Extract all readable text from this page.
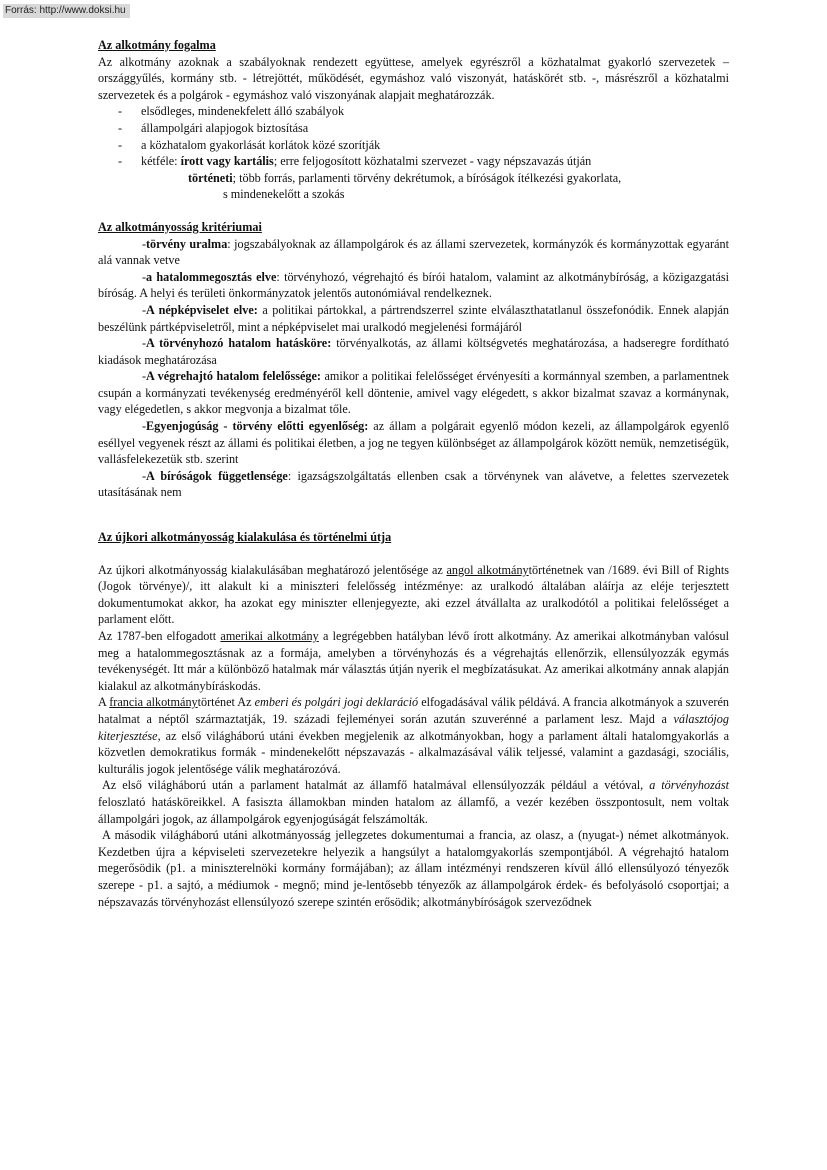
Forrás: http://www.doksi.hu
Az alkotmány fogalma

Az alkotmány azoknak a szabályoknak rendezett együttese, amelyek egyrészről a közhatalmat gyakorló szervezetek – országgyűlés, kormány stb. - létrejöttét, működését, egymáshoz való viszonyát, hatáskörét stb. -, másrészről a közhatalmi szervezetek és a polgárok - egymáshoz való viszonyának alapjait meghatározzák.

-	elsődleges, mindenekfelett álló szabályok
-	állampolgári alapjogok biztosítása
-	a közhatalom gyakorlását korlátok közé szorítják
-	kétféle: írott vagy kartális; erre feljogosított közhatalmi szervezet - vagy népszavazás útján
történeti; több forrás, parlamenti törvény dekrétumok, a bíróságok ítélkezési gyakorlata,
s mindenekelőtt a szokás
Az alkotmányosság kritériumai

-törvény uralma: jogszabályoknak az állampolgárok és az állami szervezetek, kormányzók és kormányzottak egyaránt alá vannak vetve

-a hatalommegosztás elve: törvényhozó, végrehajtó és bírói hatalom, valamint az alkotmánybíróság, a közigazgatási bíróság. A helyi és területi önkormányzatok jelentős autonómiával rendelkeznek.

-A népképviselet elve: a politikai pártokkal, a pártrendszerrel szinte elválaszthatatlanul összefonódik. Ennek alapján beszélünk pártképviseletről, mint a népképviselet mai uralkodó megjelenési formájáról

-A törvényhozó hatalom hatásköre: törvényalkotás, az állami költségvetés meghatározása, a hadseregre fordítható kiadások meghatározása

-A végrehajtó hatalom felelőssége: amikor a politikai felelősséget érvényesíti a kormánnyal szemben, a parlamentnek csupán a kormányzati tevékenység eredményéről kell döntenie, amivel vagy elégedett, s akkor bizalmat szavaz a kormánynak, vagy elégedetlen, s akkor megvonja a bizalmat tőle.

-Egyenjogúság - törvény előtti egyenlőség: az állam a polgárait egyenlő módon kezeli, az állampolgárok egyenlő eséllyel vegyenek részt az állami és politikai életben, a jog ne tegyen különbséget az állampolgárok között nemük, nemzetiségük, vallásfelekezetük stb. szerint

-A bíróságok függetlensége: igazságszolgáltatás ellenben csak a törvénynek van alávetve, a felettes szervezetek utasításának nem

Az újkori alkotmányosság kialakulása és történelmi útja

Az újkori alkotmányosság kialakulásában meghatározó jelentősége az angol alkotmánytörténetnek van /1689. évi Bill of Rights (Jogok törvénye)/, itt alakult ki a miniszteri felelősség intézménye: az uralkodó általában aláírja az eléje terjesztett dokumentumokat akkor, ha azokat egy miniszter ellenjegyezte, aki ezzel átvállalta az uralkodótól a politikai felelősséget a parlament előtt.

Az 1787-ben elfogadott amerikai alkotmány a legrégebben hatályban lévő írott alkotmány. Az amerikai alkotmányban valósul meg a hatalommegosztásnak az a formája, amelyben a törvényhozás és a végrehajtás ellenőrzik, ellensúlyozzák egymás tevékenységét. Itt már a különböző hatalmak már választás útján nyerik el megbízatásukat. Az amerikai alkotmány annak alapján kialakul az alkotmánybíráskodás.

A francia alkotmánytörténet Az emberi és polgári jogi deklaráció elfogadásával válik példává. A francia alkotmányok a szuverén hatalmat a néptől származtatják, 19. századi fejleményei során azután szuverénné a parlament lesz. Majd a választójog kiterjesztése, az első világháború utáni években megjelenik az alkotmányokban, hogy a parlament általi hatalomgyakorlás a közvetlen demokratikus formák - mindenekelőtt népszavazás - alkalmazásával válik teljessé, valamint a gazdasági, szociális, kulturális jogok jelentősége válik meghatározóvá.

Az első világháború után a parlament hatalmát az államfő hatalmával ellensúlyozzák például a vétóval, a törvényhozást feloszlató hatásköreikkel. A fasiszta államokban minden hatalom az államfő, a vezér kezében összpontosult, nem voltak állampolgári jogok, az állampolgárok egyenjogúságát felszámolták.

A második világháború utáni alkotmányosság jellegzetes dokumentumai a francia, az olasz, a (nyugat-) német alkotmányok. Kezdetben újra a képviseleti szervezetekre helyezik a hangsúlyt a hatalomgyakorlás szempontjából. A végrehajtó hatalom megerősödik (p1. a miniszterelnöki kormány formájában); az állam intézményi rendszeren kívül álló ellensúlyozó tényezők szerepe - p1. a sajtó, a médiumok - megnő; mind je-lentősebb tényezők az állampolgárok érdek- és befolyásoló csoportjai; a népszavazás törvényhozást ellensúlyozó szerepe szintén erősödik; alkotmánybíróságok szerveződnek
